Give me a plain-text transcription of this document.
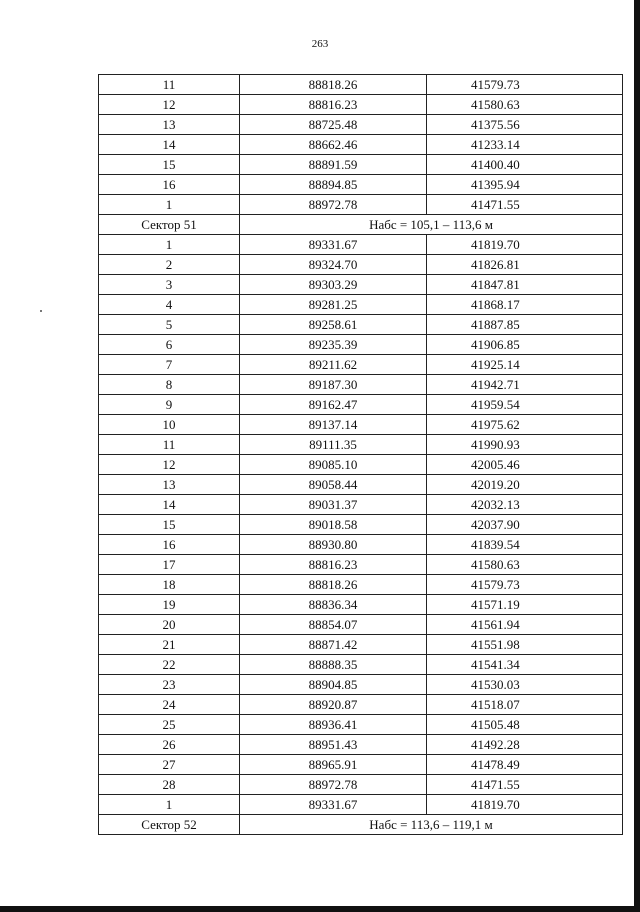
263
11	88818.26	41579.73
12	88816.23	41580.63
13	88725.48	41375.56
14	88662.46	41233.14
15	88891.59	41400.40
16	88894.85	41395.94
1	88972.78	41471.55
Сектор 51	Набс = 105,1 – 113,6 м	
1	89331.67	41819.70
2	89324.70	41826.81
3	89303.29	41847.81
4	89281.25	41868.17
5	89258.61	41887.85
6	89235.39	41906.85
7	89211.62	41925.14
8	89187.30	41942.71
9	89162.47	41959.54
10	89137.14	41975.62
11	89111.35	41990.93
12	89085.10	42005.46
13	89058.44	42019.20
14	89031.37	42032.13
15	89018.58	42037.90
16	88930.80	41839.54
17	88816.23	41580.63
18	88818.26	41579.73
19	88836.34	41571.19
20	88854.07	41561.94
21	88871.42	41551.98
22	88888.35	41541.34
23	88904.85	41530.03
24	88920.87	41518.07
25	88936.41	41505.48
26	88951.43	41492.28
27	88965.91	41478.49
28	88972.78	41471.55
1	89331.67	41819.70
Сектор 52	Набс = 113,6 – 119,1 м	
